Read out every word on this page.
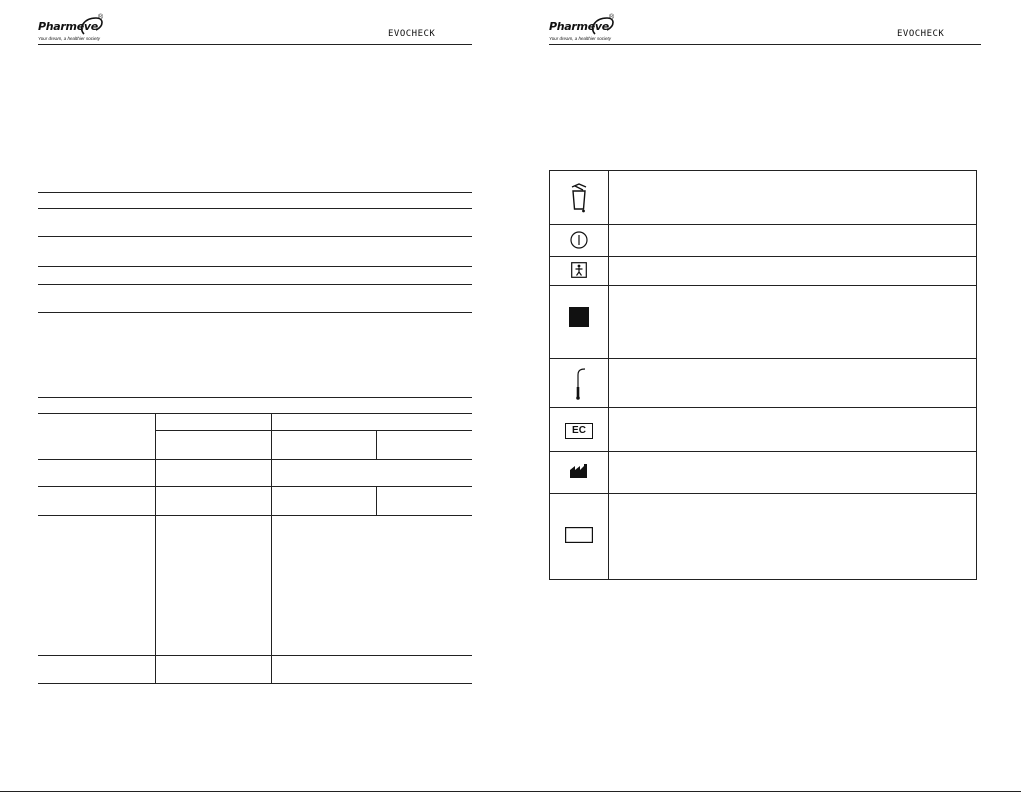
Pharmeve
®
Your dream, a healthier society	EVOCHECK
Pharmeve
®
Your dream, a healthier society	EVOCHECK
EC
